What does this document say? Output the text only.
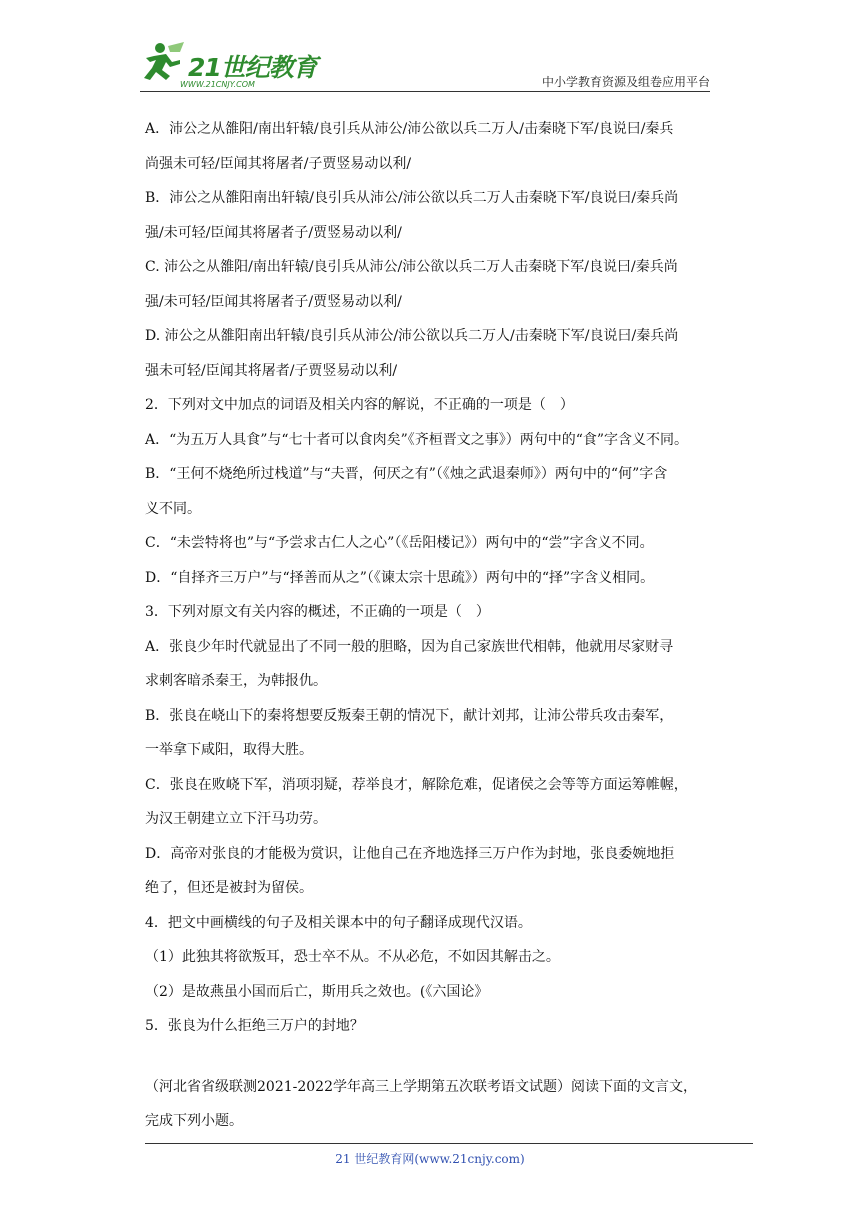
21世纪教育
WWW.21CNJY.COM	中小学教育资源及组卷应用平台

A．沛公之从雒阳/南出轩辕/良引兵从沛公/沛公欲以兵二万人/击秦晓下军/良说曰/秦兵

尚强未可轻/臣闻其将屠者/子贾竖易动以利/

B．沛公之从雒阳南出轩辕/良引兵从沛公/沛公欲以兵二万人击秦晓下军/良说曰/秦兵尚

强/未可轻/臣闻其将屠者子/贾竖易动以利/

C. 沛公之从雒阳/南出轩辕/良引兵从沛公/沛公欲以兵二万人击秦晓下军/良说曰/秦兵尚

强/未可轻/臣闻其将屠者子/贾竖易动以利/

D. 沛公之从雒阳南出轩辕/良引兵从沛公/沛公欲以兵二万人/击秦晓下军/良说曰/秦兵尚

强未可轻/臣闻其将屠者/子贾竖易动以利/

2．下列对文中加点的词语及相关内容的解说，不正确的一项是（　）

A．“为五万人具食”与“七十者可以食肉矣”《齐桓晋文之事》）两句中的“食”字含义不同。

B．“王何不烧绝所过栈道”与“夫晋，何厌之有”（《烛之武退秦师》）两句中的“何”字含

义不同。

C．“未尝特将也”与“予尝求古仁人之心”（《岳阳楼记》）两句中的“尝”字含义不同。

D．“自择齐三万户”与“择善而从之”（《谏太宗十思疏》）两句中的“择”字含义相同。

3．下列对原文有关内容的概述，不正确的一项是（　）

A．张良少年时代就显出了不同一般的胆略，因为自己家族世代相韩，他就用尽家财寻

求刺客暗杀秦王，为韩报仇。

B．张良在峣山下的秦将想要反叛秦王朝的情况下，献计刘邦，让沛公带兵攻击秦军，

一举拿下咸阳，取得大胜。

C．张良在败峣下军，消项羽疑，荐举良才，解除危难，促诸侯之会等等方面运筹帷幄，

为汉王朝建立立下汗马功劳。

D．高帝对张良的才能极为赏识，让他自己在齐地选择三万户作为封地，张良委婉地拒

绝了，但还是被封为留侯。

4．把文中画横线的句子及相关课本中的句子翻译成现代汉语。

（1）此独其将欲叛耳，恐士卒不从。不从必危，不如因其解击之。

（2）是故燕虽小国而后亡，斯用兵之效也。(《六国论》

5．张良为什么拒绝三万户的封地？

（河北省省级联测2021-2022学年高三上学期第五次联考语文试题）阅读下面的文言文，

完成下列小题。

21 世纪教育网(www.21cnjy.com)
